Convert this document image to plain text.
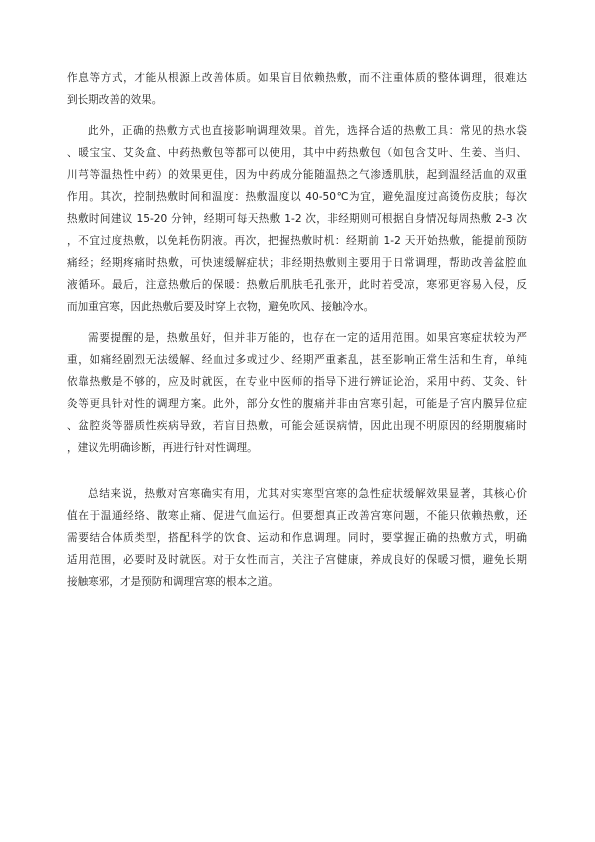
作息等方式，才能从根源上改善体质。如果盲目依赖热敷，而不注重体质的整体调理，很难达
到长期改善的效果。
此外，正确的热敷方式也直接影响调理效果。首先，选择合适的热敷工具：常见的热水袋
、暖宝宝、艾灸盒、中药热敷包等都可以使用，其中中药热敷包（如包含艾叶、生姜、当归、
川芎等温热性中药）的效果更佳，因为中药成分能随温热之气渗透肌肤，起到温经活血的双重
作用。其次，控制热敷时间和温度：热敷温度以 40-50℃为宜，避免温度过高烫伤皮肤；每次
热敷时间建议 15-20 分钟，经期可每天热敷 1-2 次，非经期则可根据自身情况每周热敷 2-3 次
，不宜过度热敷，以免耗伤阴液。再次，把握热敷时机：经期前 1-2 天开始热敷，能提前预防
痛经；经期疼痛时热敷，可快速缓解症状；非经期热敷则主要用于日常调理，帮助改善盆腔血
液循环。最后，注意热敷后的保暖：热敷后肌肤毛孔张开，此时若受凉，寒邪更容易入侵，反
而加重宫寒，因此热敷后要及时穿上衣物，避免吹风、接触冷水。
需要提醒的是，热敷虽好，但并非万能的，也存在一定的适用范围。如果宫寒症状较为严
重，如痛经剧烈无法缓解、经血过多或过少、经期严重紊乱，甚至影响正常生活和生育，单纯
依靠热敷是不够的，应及时就医，在专业中医师的指导下进行辨证论治，采用中药、艾灸、针
灸等更具针对性的调理方案。此外，部分女性的腹痛并非由宫寒引起，可能是子宫内膜异位症
、盆腔炎等器质性疾病导致，若盲目热敷，可能会延误病情，因此出现不明原因的经期腹痛时
，建议先明确诊断，再进行针对性调理。
总结来说，热敷对宫寒确实有用，尤其对实寒型宫寒的急性症状缓解效果显著，其核心价
值在于温通经络、散寒止痛、促进气血运行。但要想真正改善宫寒问题，不能只依赖热敷，还
需要结合体质类型，搭配科学的饮食、运动和作息调理。同时，要掌握正确的热敷方式，明确
适用范围，必要时及时就医。对于女性而言，关注子宫健康，养成良好的保暖习惯，避免长期
接触寒邪，才是预防和调理宫寒的根本之道。
